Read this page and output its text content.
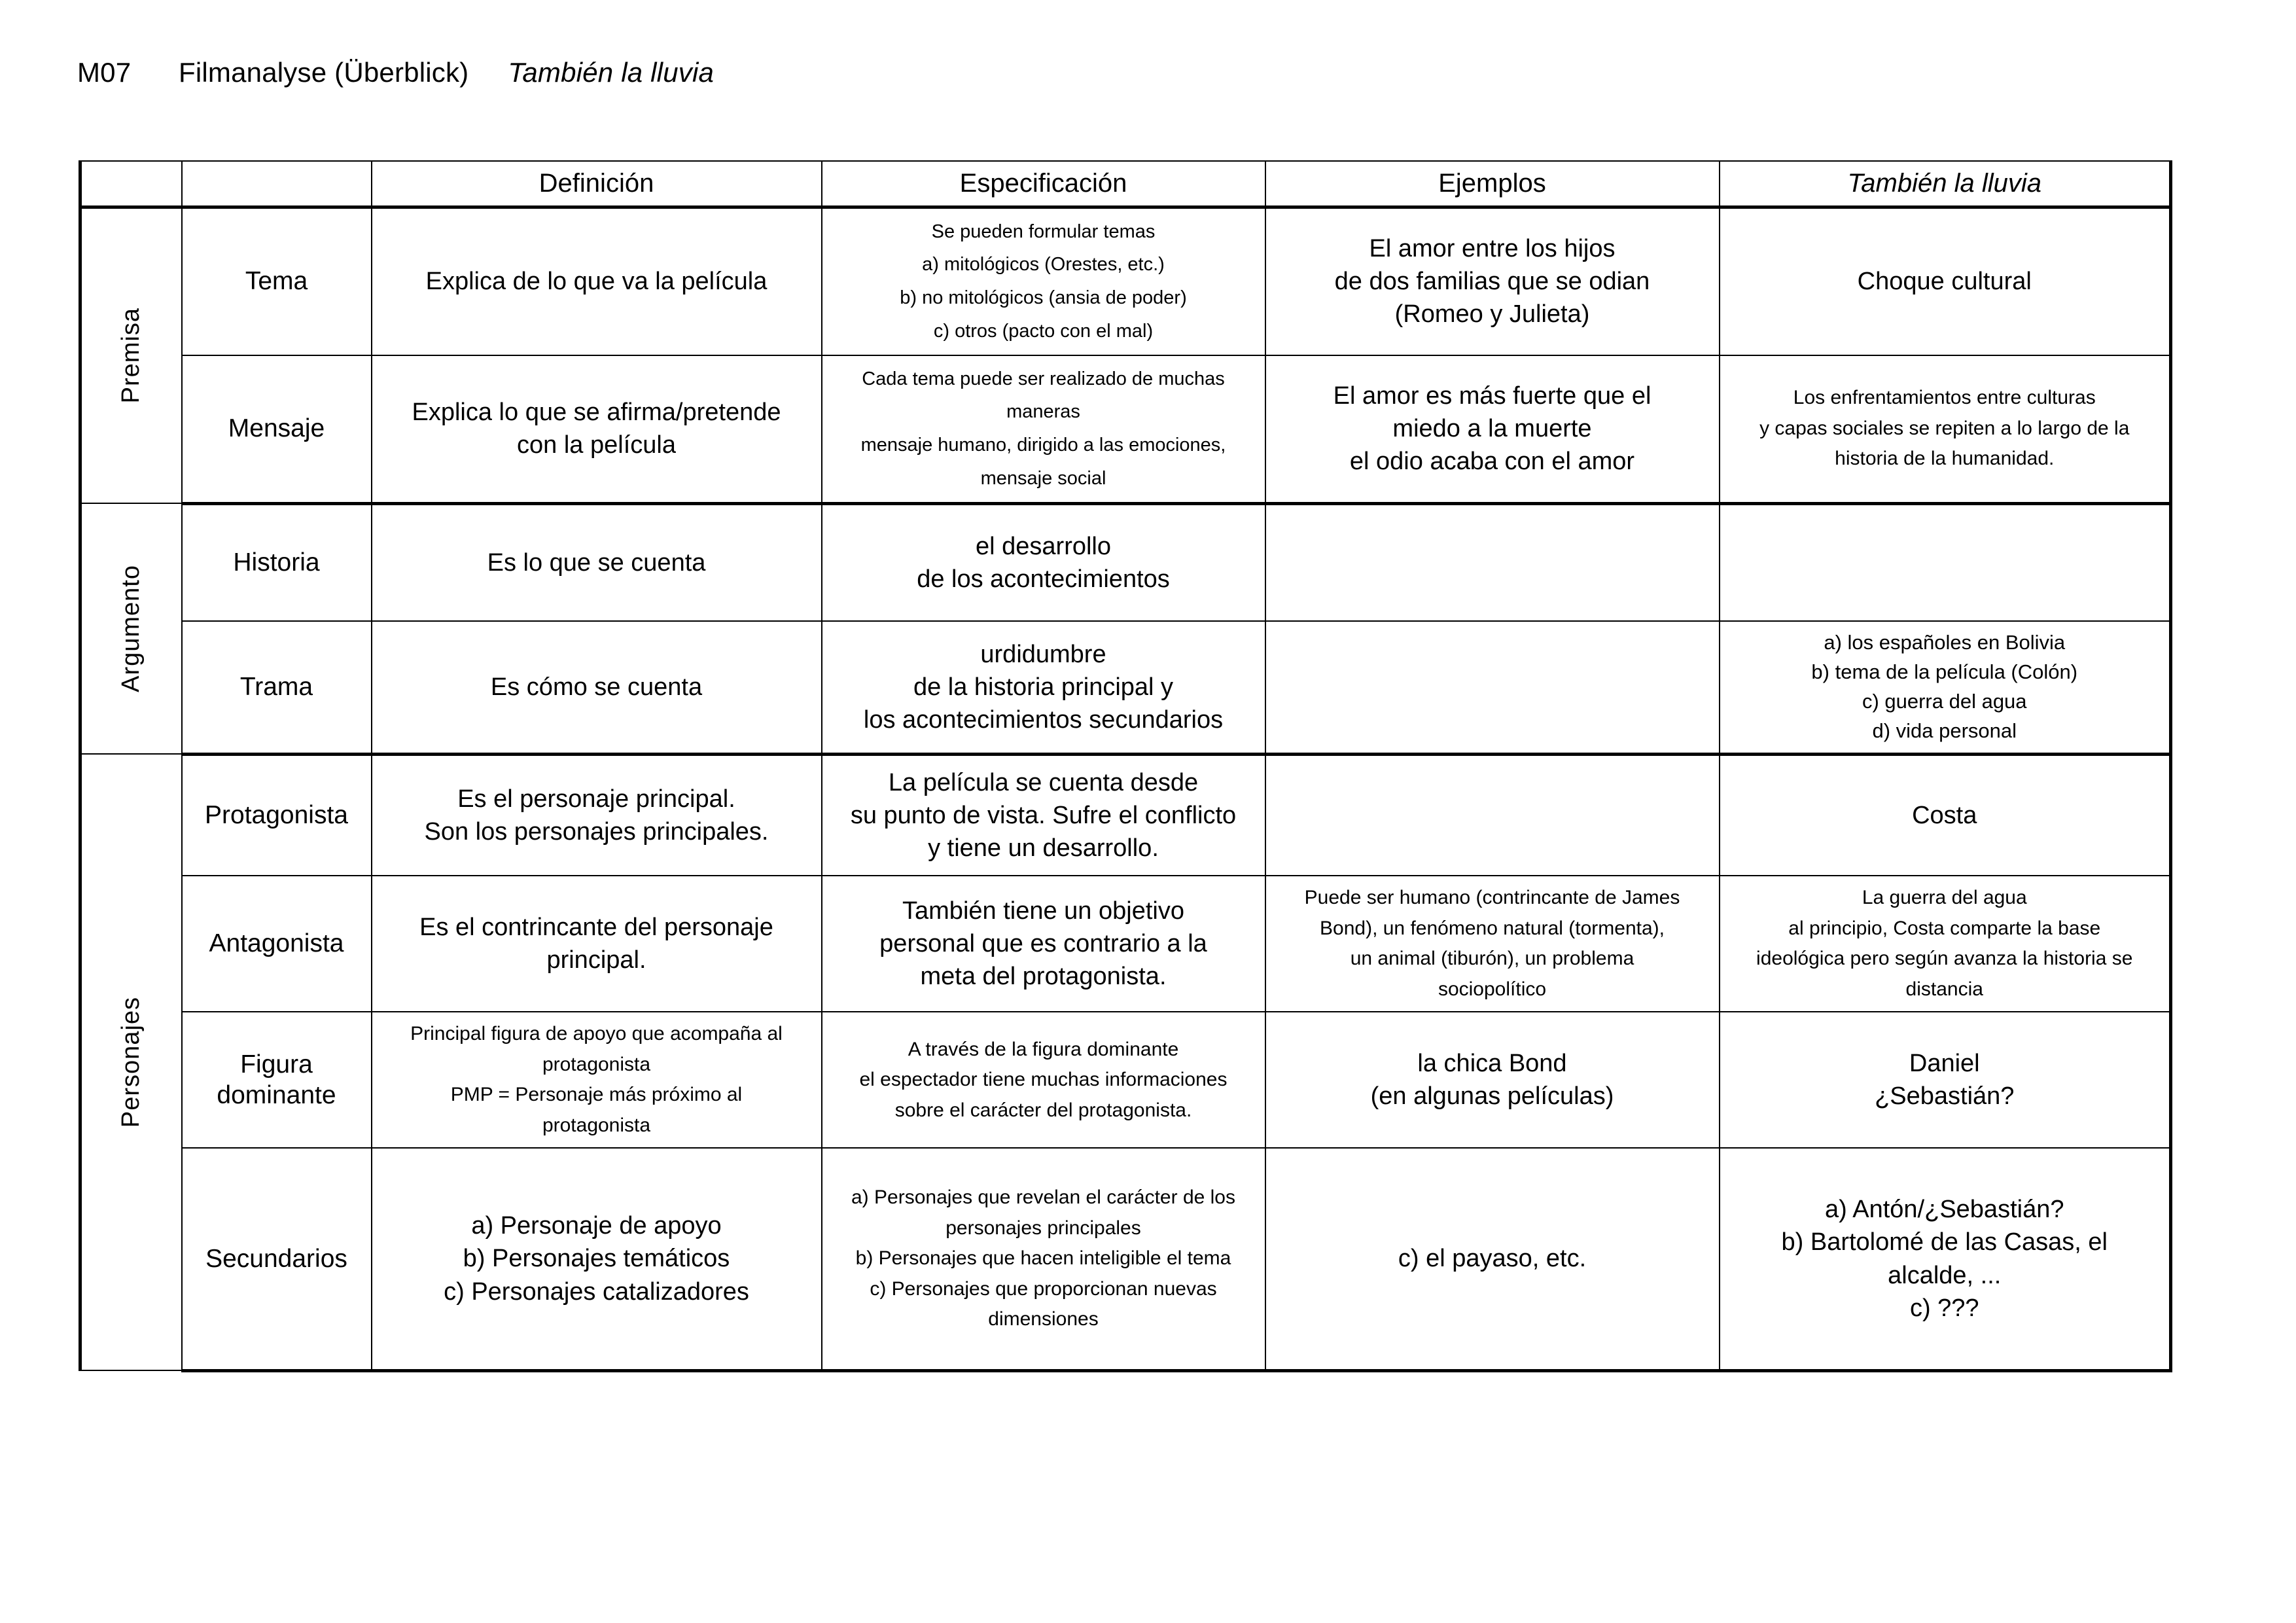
M07 Filmanalyse (Überblick) También la lluvia
		Definición	Especificación	Ejemplos	También la lluvia

Premisa	Tema	Explica de lo que va la película	Se pueden formular temas
a) mitológicos (Orestes, etc.)
b) no mitológicos (ansia de poder)
c) otros (pacto con el mal)	El amor entre los hijos
de dos familias que se odian
(Romeo y Julieta)	Choque cultural

	Mensaje	Explica lo que se afirma/pretende
con la película	Cada tema puede ser realizado de muchas
maneras
mensaje humano, dirigido a las emociones,
mensaje social	El amor es más fuerte que el
miedo a la muerte
el odio acaba con el amor	Los enfrentamientos entre culturas
y capas sociales se repiten a lo largo de la
historia de la humanidad.

Argumento	Historia	Es lo que se cuenta	el desarrollo
de los acontecimientos		

	Trama	Es cómo se cuenta	urdidumbre
de la historia principal y
los acontecimientos secundarios		a) los españoles en Bolivia
b) tema de la película (Colón)
c) guerra del agua
d) vida personal

Personajes	Protagonista	Es el personaje principal.
Son los personajes principales.	La película se cuenta desde
su punto de vista. Sufre el conflicto
y tiene un desarrollo.		Costa

	Antagonista	Es el contrincante del personaje
principal.	También tiene un objetivo
personal que es contrario a la
meta del protagonista.	Puede ser humano (contrincante de James
Bond), un fenómeno natural (tormenta),
un animal (tiburón), un problema
sociopolítico	La guerra del agua
al principio, Costa comparte la base
ideológica pero según avanza la historia se
distancia

	Figura dominante	Principal figura de apoyo que acompaña al
protagonista
PMP = Personaje más próximo al
protagonista	A través de la figura dominante
el espectador tiene muchas informaciones
sobre el carácter del protagonista.	la chica Bond
(en algunas películas)	Daniel
¿Sebastián?

	Secundarios	a) Personaje de apoyo
b) Personajes temáticos
c) Personajes catalizadores	a) Personajes que revelan el carácter de los
personajes principales
b) Personajes que hacen inteligible el tema
c) Personajes que proporcionan nuevas
dimensiones	c) el payaso, etc.	a) Antón/¿Sebastián?
b) Bartolomé de las Casas, el
alcalde, ...
c) ???
